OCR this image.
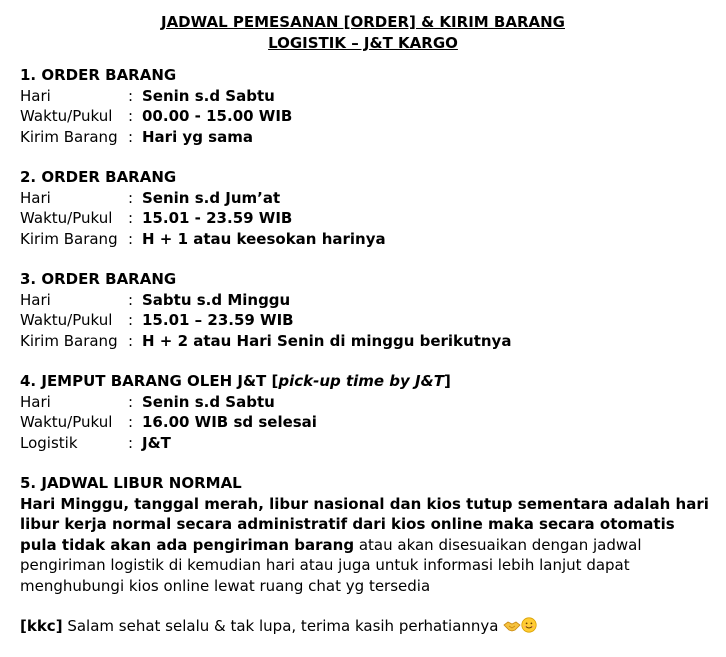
JADWAL PEMESANAN [ORDER] & KIRIM BARANG
LOGISTIK – J&T KARGO
1. ORDER BARANG
Hari	: Senin s.d Sabtu
Waktu/Pukul	: 00.00 - 15.00 WIB
Kirim Barang : Hari yg sama
2. ORDER BARANG
Hari	: Senin s.d Jum’at
Waktu/Pukul	: 15.01 - 23.59 WIB
Kirim Barang : H + 1 atau keesokan harinya
3. ORDER BARANG
Hari	: Sabtu s.d Minggu
Waktu/Pukul	: 15.01 – 23.59 WIB
Kirim Barang : H + 2 atau Hari Senin di minggu berikutnya
4. JEMPUT BARANG OLEH J&T [pick-up time by J&T]
Hari	: Senin s.d Sabtu
Waktu/Pukul	: 16.00 WIB sd selesai
Logistik	: J&T
5. JADWAL LIBUR NORMAL

Hari Minggu, tanggal merah, libur nasional dan kios tutup sementara adalah hari libur kerja normal secara administratif dari kios online maka secara otomatis pula tidak akan ada pengiriman barang atau akan disesuaikan dengan jadwal pengiriman logistik di kemudian hari atau juga untuk informasi lebih lanjut dapat menghubungi kios online lewat ruang chat yg tersedia

[kkc] Salam sehat selalu & tak lupa, terima kasih perhatiannya
